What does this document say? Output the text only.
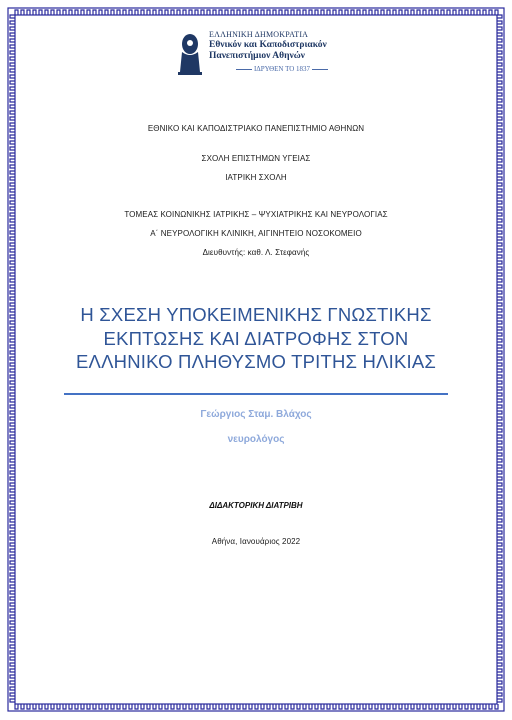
ΕΛΛΗΝΙΚΗ ΔΗΜΟΚΡΑΤΙΑ
Εθνικόν και Καποδιστριακόν
Πανεπιστήμιον Αθηνών
ΙΔΡΥΘΕΝ ΤΟ 1837
ΕΘΝΙΚΟ ΚΑΙ ΚΑΠΟΔΙΣΤΡΙΑΚΟ ΠΑΝΕΠΙΣΤΗΜΙΟ ΑΘΗΝΩΝ
ΣΧΟΛΗ ΕΠΙΣΤΗΜΩΝ ΥΓΕΙΑΣ
ΙΑΤΡΙΚΗ ΣΧΟΛΗ
ΤΟΜΕΑΣ ΚΟΙΝΩΝΙΚΗΣ ΙΑΤΡΙΚΗΣ – ΨΥΧΙΑΤΡΙΚΗΣ ΚΑΙ ΝΕΥΡΟΛΟΓΙΑΣ
Α΄ ΝΕΥΡΟΛΟΓΙΚΗ ΚΛΙΝΙΚΗ, ΑΙΓΙΝΗΤΕΙΟ ΝΟΣΟΚΟΜΕΙΟ
Διευθυντής: καθ. Λ. Στεφανής
Η ΣΧΕΣΗ ΥΠΟΚΕΙΜΕΝΙΚΗΣ ΓΝΩΣΤΙΚΗΣ
ΕΚΠΤΩΣΗΣ ΚΑΙ ΔΙΑΤΡΟΦΗΣ ΣΤΟΝ
ΕΛΛΗΝΙΚΟ ΠΛΗΘΥΣΜΟ ΤΡΙΤΗΣ ΗΛΙΚΙΑΣ
Γεώργιος Σταμ. Βλάχος
νευρολόγος
ΔΙΔΑΚΤΟΡΙΚΗ ΔΙΑΤΡΙΒΗ
Αθήνα, Ιανουάριος 2022
